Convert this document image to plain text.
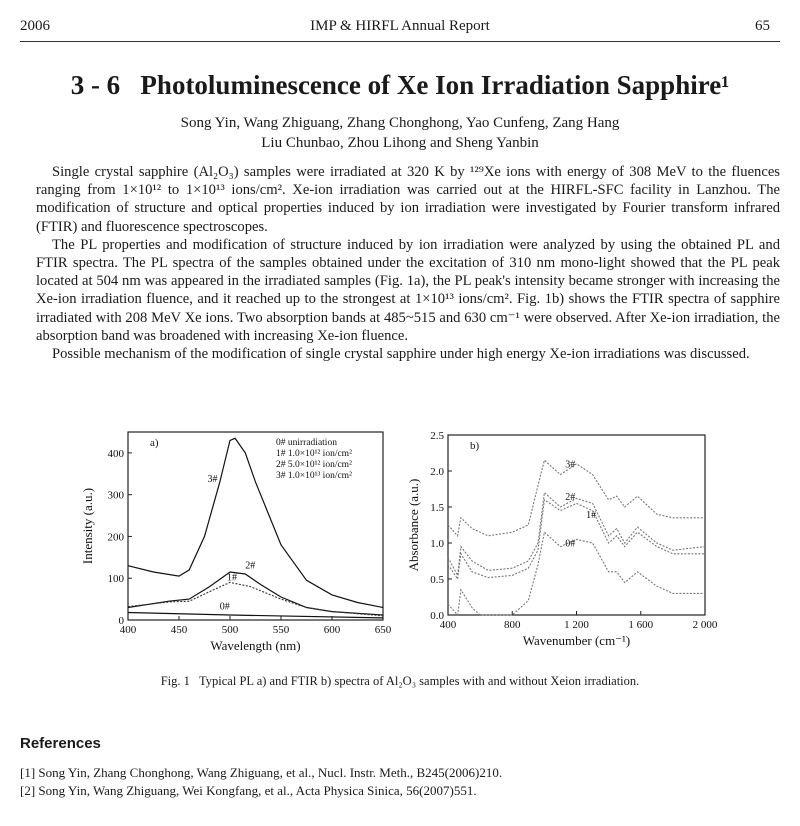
2006	IMP & HIRFL Annual Report	65
3 - 6   Photoluminescence of Xe Ion Irradiation Sapphire¹
Song Yin, Wang Zhiguang, Zhang Chonghong, Yao Cunfeng, Zang Hang
Liu Chunbao, Zhou Lihong and Sheng Yanbin

Single crystal sapphire (Al₂O₃) samples were irradiated at 320 K by ¹²⁹Xe ions with energy of 308 MeV to the fluences ranging from 1×10¹² to 1×10¹³ ions/cm². Xe-ion irradiation was carried out at the HIRFL-SFC facility in Lanzhou. The modification of structure and optical properties induced by ion irradiation were investigated by Fourier transform infrared (FTIR) and fluorescence spectroscopes.

The PL properties and modification of structure induced by ion irradiation were analyzed by using the obtained PL and FTIR spectra. The PL spectra of the samples obtained under the excitation of 310 nm mono-light showed that the PL peak located at 504 nm was appeared in the irradiated samples (Fig. 1a), the PL peak's intensity became stronger with increasing the Xe-ion irradiation fluence, and it reached up to the strongest at 1×10¹³ ions/cm². Fig. 1b) shows the FTIR spectra of sapphire irradiated with 208 MeV Xe ions. Two absorption bands at 485~515 and 630 cm⁻¹ were observed. After Xe-ion irradiation, the absorption band was broadened with increasing Xe-ion fluence.

Possible mechanism of the modification of single crystal sapphire under high energy Xe-ion irradiations was discussed.

400	450	500	550	600	650
0
100
200
300
400
Wavelength (nm)
Intensity (a.u.)
a)
3#
2#
1#
0#
0# unirradiation
1# 1.0×10¹² ion/cm²
2# 5.0×10¹² ion/cm²
3# 1.0×10¹³ ion/cm²
400	800	1 200	1 600	2 000
0.0
0.5
1.0
1.5
2.0
2.5
Wavenumber (cm⁻¹)
Absorbance (a.u.)
b)
3#
2#
1#
0#
Fig. 1   Typical PL a) and FTIR b) spectra of Al₂O₃ samples with and without Xeion irradiation.
References
[1] Song Yin, Zhang Chonghong, Wang Zhiguang, et al., Nucl. Instr. Meth., B245(2006)210.
[2] Song Yin, Wang Zhiguang, Wei Kongfang, et al., Acta Physica Sinica, 56(2007)551.
